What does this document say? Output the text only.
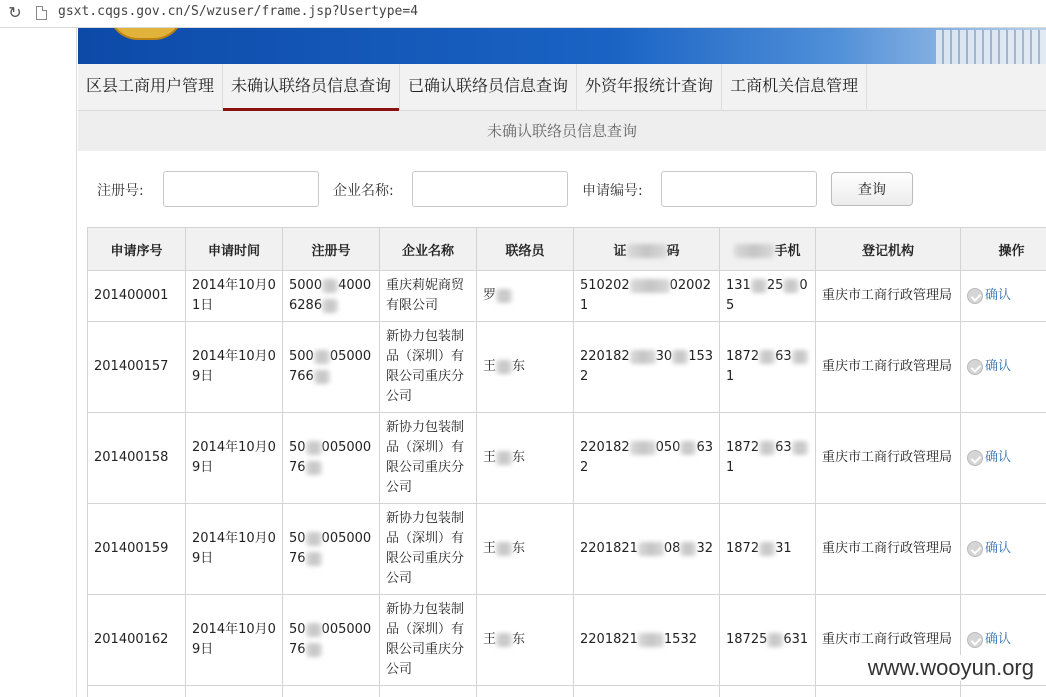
↻	gsxt.cqgs.gov.cn/S/wzuser/frame.jsp?Usertype=4
区县工商用户管理	未确认联络员信息查询	已确认联络员信息查询	外资年报统计查询	工商机关信息管理
未确认联络员信息查询
注册号:	企业名称:	申请编号:	查询
申请序号	申请时间	注册号	企业名称	联络员	证 码	手机	登记机构	操作
201400001	2014年10月01日	5000 40006286	重庆莉妮商贸有限公司	罗	510202 020021	131 25 05	重庆市工商行政管理局	确认
201400157	2014年10月09日	500 05000766	新协力包装制品（深圳）有限公司重庆分公司	王 东	220182 30 1532	1872 631	重庆市工商行政管理局	确认
201400158	2014年10月09日	50 00500076	新协力包装制品（深圳）有限公司重庆分公司	王 东	220182 050 632	1872 631	重庆市工商行政管理局	确认
201400159	2014年10月09日	50 00500076	新协力包装制品（深圳）有限公司重庆分公司	王 东	2201821 08 32	1872 31	重庆市工商行政管理局	确认
201400162	2014年10月09日	50 00500076	新协力包装制品（深圳）有限公司重庆分公司	王 东	2201821 1532	18725 631	重庆市工商行政管理局	确认

www.wooyun.org
